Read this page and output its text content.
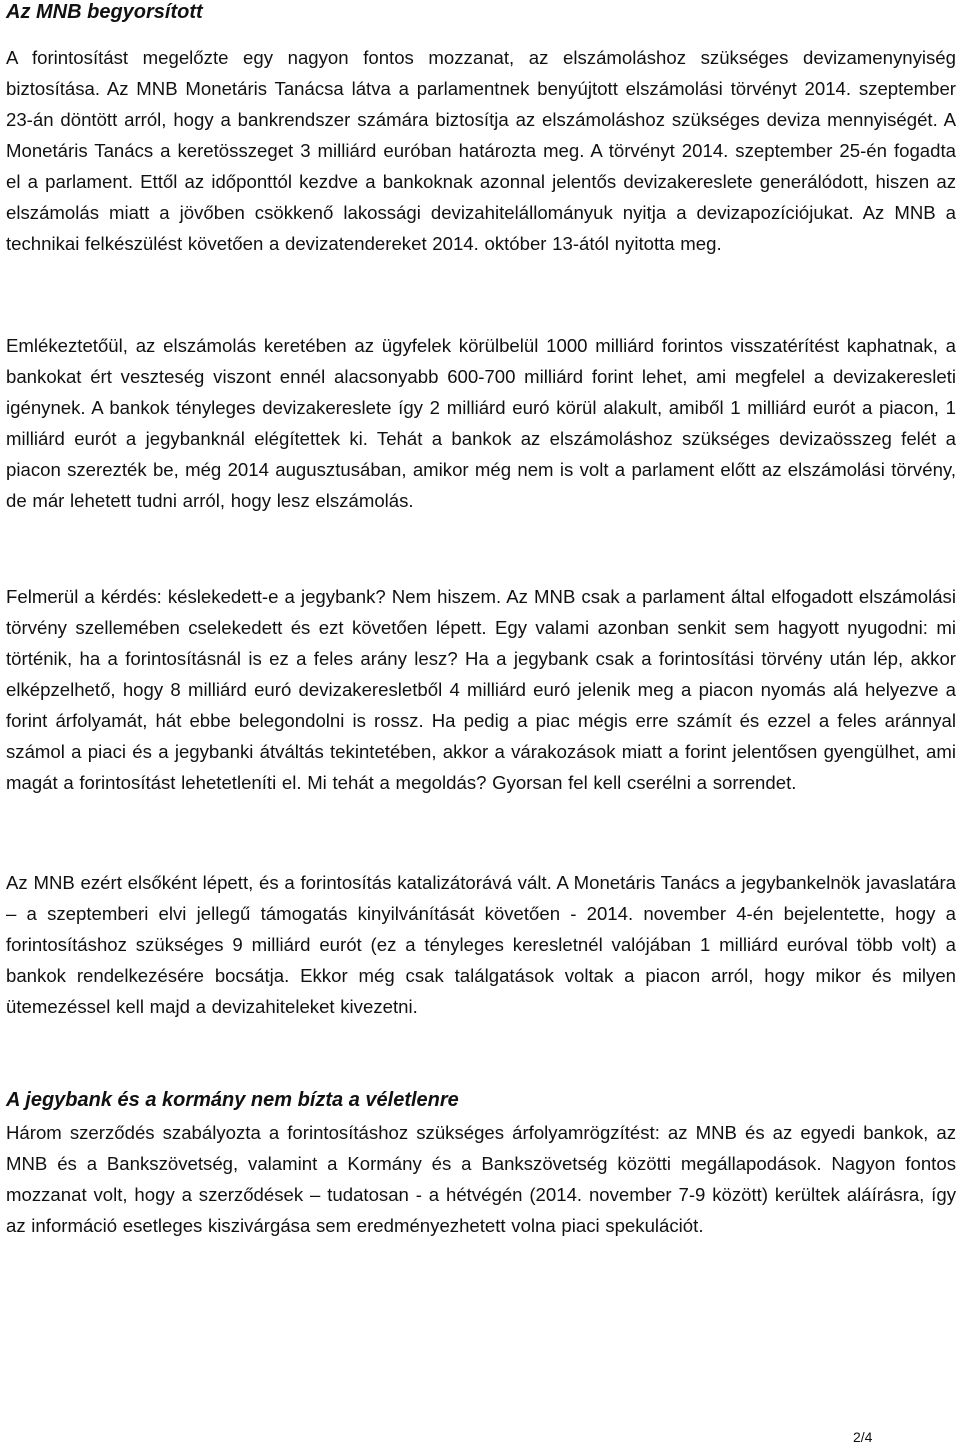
Az MNB begyorsított

A forintosítást megelőzte egy nagyon fontos mozzanat, az elszámoláshoz szükséges devizamenynyiség biztosítása. Az MNB Monetáris Tanácsa látva a parlamentnek benyújtott elszámolási törvényt 2014. szeptember 23-án döntött arról, hogy a bankrendszer számára biztosítja az elszámoláshoz szükséges deviza mennyiségét. A Monetáris Tanács a keretösszeget 3 milliárd euróban határozta meg. A törvényt 2014. szeptember 25-én fogadta el a parlament. Ettől az időponttól kezdve a bankoknak azonnal jelentős devizakereslete generálódott, hiszen az elszámolás miatt a jövőben csökkenő lakossági devizahitelállományuk nyitja a devizapozíciójukat. Az MNB a technikai felkészülést követően a devizatendereket 2014. október 13-ától nyitotta meg.

Emlékeztetőül, az elszámolás keretében az ügyfelek körülbelül 1000 milliárd forintos visszatérítést kaphatnak, a bankokat ért veszteség viszont ennél alacsonyabb 600-700 milliárd forint lehet, ami megfelel a devizakeresleti igénynek. A bankok tényleges devizakereslete így 2 milliárd euró körül alakult, amiből 1 milliárd eurót a piacon, 1 milliárd eurót a jegybanknál elégítettek ki. Tehát a bankok az elszámoláshoz szükséges devizaösszeg felét a piacon szerezték be, még 2014 augusztusában, amikor még nem is volt a parlament előtt az elszámolási törvény, de már lehetett tudni arról, hogy lesz elszámolás.

Felmerül a kérdés: késlekedett-e a jegybank? Nem hiszem. Az MNB csak a parlament által elfogadott elszámolási törvény szellemében cselekedett és ezt követően lépett. Egy valami azonban senkit sem hagyott nyugodni: mi történik, ha a forintosításnál is ez a feles arány lesz? Ha a jegybank csak a forintosítási törvény után lép, akkor elképzelhető, hogy 8 milliárd euró devizakeresletből 4 milliárd euró jelenik meg a piacon nyomás alá helyezve a forint árfolyamát, hát ebbe belegondolni is rossz. Ha pedig a piac mégis erre számít és ezzel a feles aránnyal számol a piaci és a jegybanki átváltás tekintetében, akkor a várakozások miatt a forint jelentősen gyengülhet, ami magát a forintosítást lehetetleníti el. Mi tehát a megoldás? Gyorsan fel kell cserélni a sorrendet.

Az MNB ezért elsőként lépett, és a forintosítás katalizátorává vált. A Monetáris Tanács a jegybankelnök javaslatára – a szeptemberi elvi jellegű támogatás kinyilvánítását követően - 2014. november 4-én bejelentette, hogy a forintosításhoz szükséges 9 milliárd eurót (ez a tényleges keresletnél valójában 1 milliárd euróval több volt) a bankok rendelkezésére bocsátja. Ekkor még csak találgatások voltak a piacon arról, hogy mikor és milyen ütemezéssel kell majd a devizahiteleket kivezetni.

A jegybank és a kormány nem bízta a véletlenre

Három szerződés szabályozta a forintosításhoz szükséges árfolyamrögzítést: az MNB és az egyedi bankok, az MNB és a Bankszövetség, valamint a Kormány és a Bankszövetség közötti megállapodások. Nagyon fontos mozzanat volt, hogy a szerződések – tudatosan - a hétvégén (2014. november 7-9 között) kerültek aláírásra, így az információ esetleges kiszivárgása sem eredményezhetett volna piaci spekulációt.

2/4
